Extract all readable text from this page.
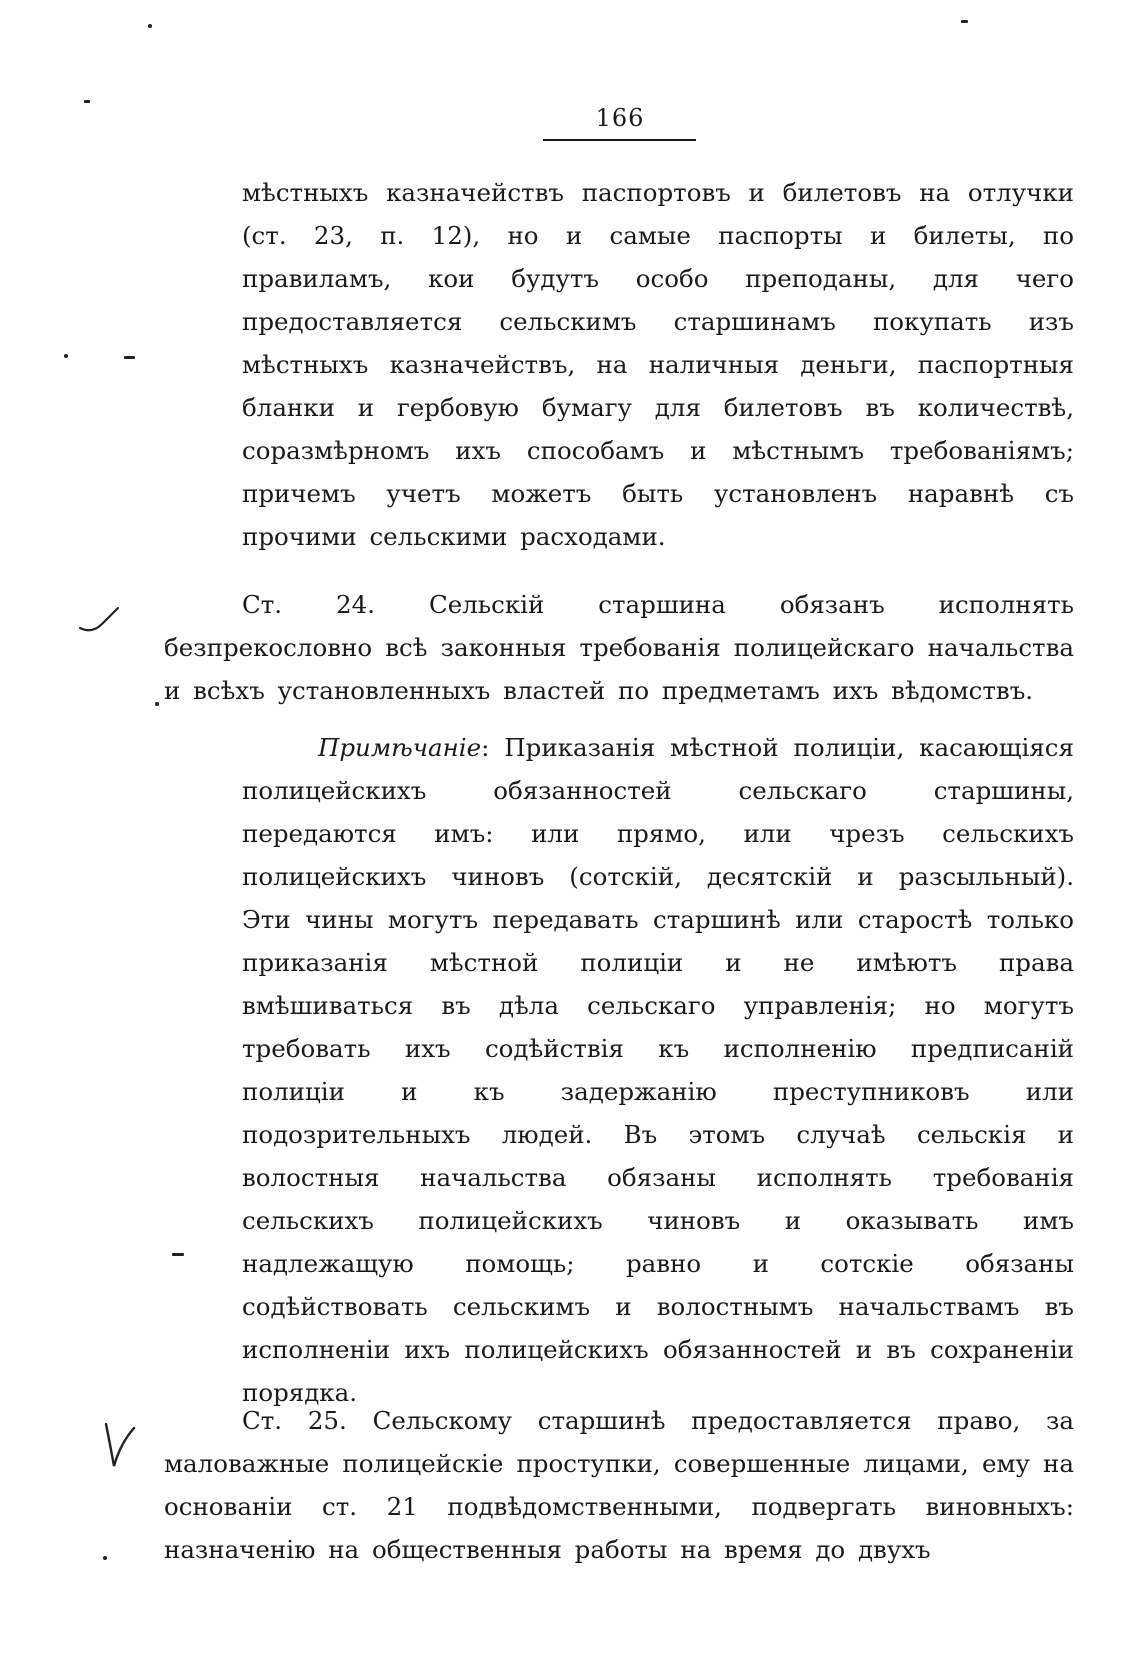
166

мѣстныхъ казначействъ паспортовъ и билетовъ на отлучки (ст. 23, п. 12), но и самые паспорты и билеты, по правиламъ, кои будутъ особо преподаны, для чего предоставляется сельскимъ старшинамъ покупать изъ мѣстныхъ казначействъ, на наличныя деньги, паспортныя бланки и гербовую бумагу для билетовъ въ количествѣ, соразмѣрномъ ихъ способамъ и мѣстнымъ требованіямъ; причемъ учетъ можетъ быть установленъ наравнѣ съ прочими сельскими расходами.

Ст. 24. Сельскій старшина обязанъ исполнять безпрекословно всѣ законныя требованія полицейскаго начальства и всѣхъ установленныхъ властей по предметамъ ихъ вѣдомствъ.

Примѣчаніе: Приказанія мѣстной полиціи, касающіяся полицейскихъ обязанностей сельскаго старшины, передаются имъ: или прямо, или чрезъ сельскихъ полицейскихъ чиновъ (сотскій, десятскій и разсыльный). Эти чины могутъ передавать старшинѣ или старостѣ только приказанія мѣстной полиціи и не имѣютъ права вмѣшиваться въ дѣла сельскаго управленія; но могутъ требовать ихъ содѣйствія къ исполненію предписаній полиціи и къ задержанію преступниковъ или подозрительныхъ людей. Въ этомъ случаѣ сельскія и волостныя начальства обязаны исполнять требованія сельскихъ полицейскихъ чиновъ и оказывать имъ надлежащую помощь; равно и сотскіе обязаны содѣйствовать сельскимъ и волостнымъ начальствамъ въ исполненіи ихъ полицейскихъ обязанностей и въ сохраненіи порядка.

Ст. 25. Сельскому старшинѣ предоставляется право, за маловажные полицейскіе проступки, совершенные лицами, ему на основаніи ст. 21 подвѣдомственными, подвергать виновныхъ: назначенію на общественныя работы на время до двухъ
